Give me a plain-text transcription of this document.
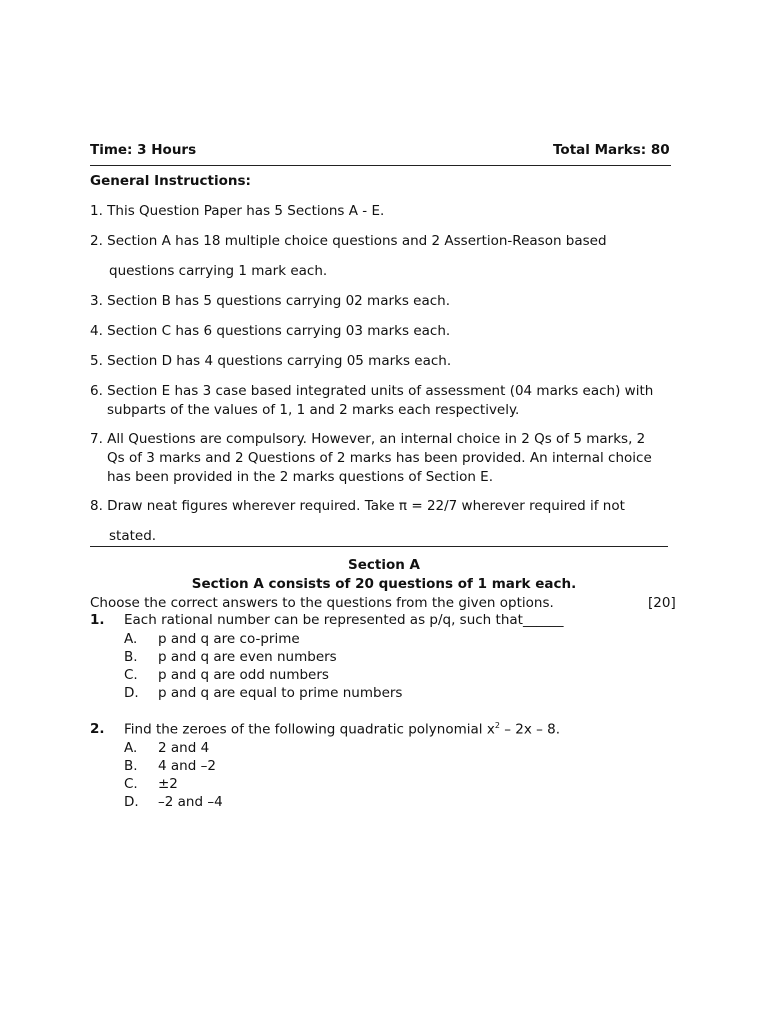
Time: 3 Hours	Total Marks: 80
General Instructions:
1. This Question Paper has 5 Sections A - E.
2. Section A has 18 multiple choice questions and 2 Assertion-Reason based
questions carrying 1 mark each.
3. Section B has 5 questions carrying 02 marks each.
4. Section C has 6 questions carrying 03 marks each.
5. Section D has 4 questions carrying 05 marks each.
6. Section E has 3 case based integrated units of assessment (04 marks each) with
subparts of the values of 1, 1 and 2 marks each respectively.
7. All Questions are compulsory. However, an internal choice in 2 Qs of 5 marks, 2
Qs of 3 marks and 2 Questions of 2 marks has been provided. An internal choice
has been provided in the 2 marks questions of Section E.
8. Draw neat figures wherever required. Take π = 22/7 wherever required if not
stated.
Section A
Section A consists of 20 questions of 1 mark each.
Choose the correct answers to the questions from the given options.	[20]
1. Each rational number can be represented as p/q, such that______
A. p and q are co-prime
B. p and q are even numbers
C. p and q are odd numbers
D. p and q are equal to prime numbers
2. Find the zeroes of the following quadratic polynomial $x^2 - 2x - 8$.
A. 2 and 4
B. 4 and –2
C. ±2
D. –2 and –4
